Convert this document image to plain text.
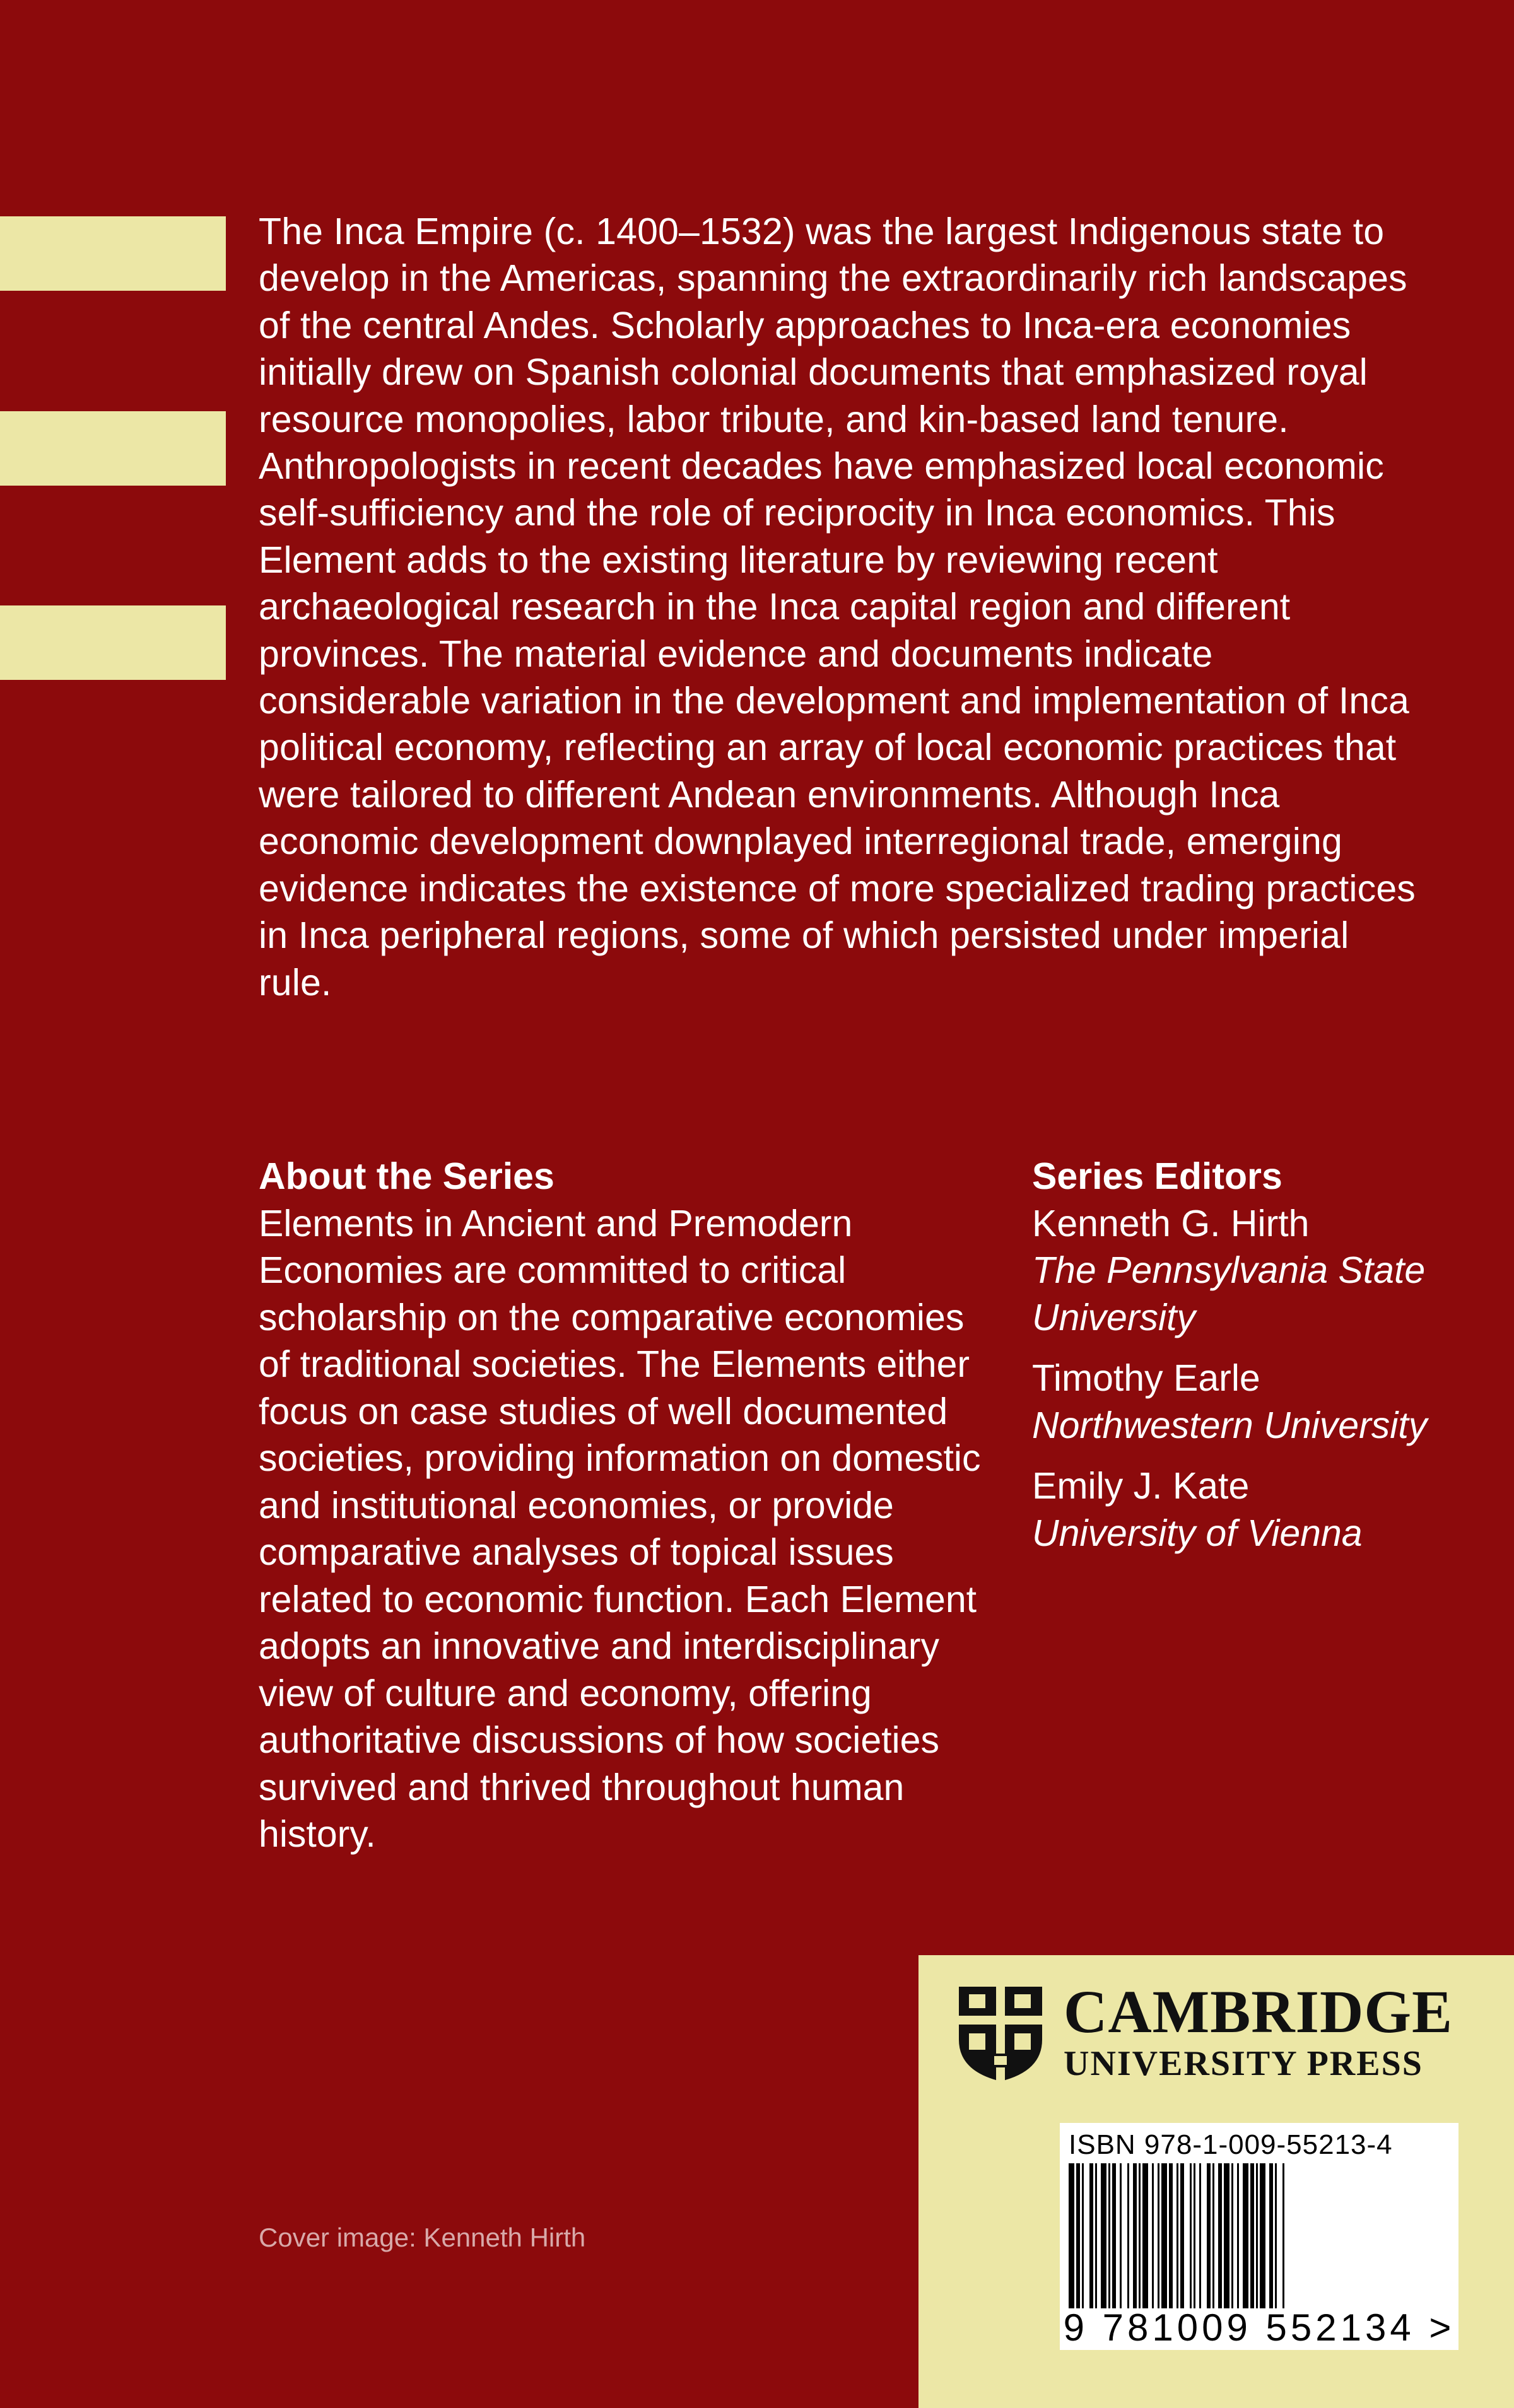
The Inca Empire (c. 1400–1532) was the largest Indigenous state to develop in the Americas, spanning the extraordinarily rich landscapes of the central Andes. Scholarly approaches to Inca-era economies initially drew on Spanish colonial documents that emphasized royal resource monopolies, labor tribute, and kin-based land tenure. Anthropologists in recent decades have emphasized local economic self-sufficiency and the role of reciprocity in Inca economics. This Element adds to the existing literature by reviewing recent archaeological research in the Inca capital region and different provinces. The material evidence and documents indicate considerable variation in the development and implementation of Inca political economy, reflecting an array of local economic practices that were tailored to different Andean environments. Although Inca economic development downplayed interregional trade, emerging evidence indicates the existence of more specialized trading practices in Inca peripheral regions, some of which persisted under imperial rule.

About the Series

Elements in Ancient and Premodern Economies are committed to critical scholarship on the comparative economies of traditional societies. The Elements either focus on case studies of well documented societies, providing information on domestic and institutional economies, or provide comparative analyses of topical issues related to economic function. Each Element adopts an innovative and interdisciplinary view of culture and economy, offering authoritative discussions of how societies survived and thrived throughout human history.

Series Editors
Kenneth G. Hirth
The Pennsylvania State University
Timothy Earle
Northwestern University
Emily J. Kate
University of Vienna
Cover image: Kenneth Hirth
CAMBRIDGE
UNIVERSITY PRESS
ISBN 978-1-009-55213-4
9 781009 552134 >
